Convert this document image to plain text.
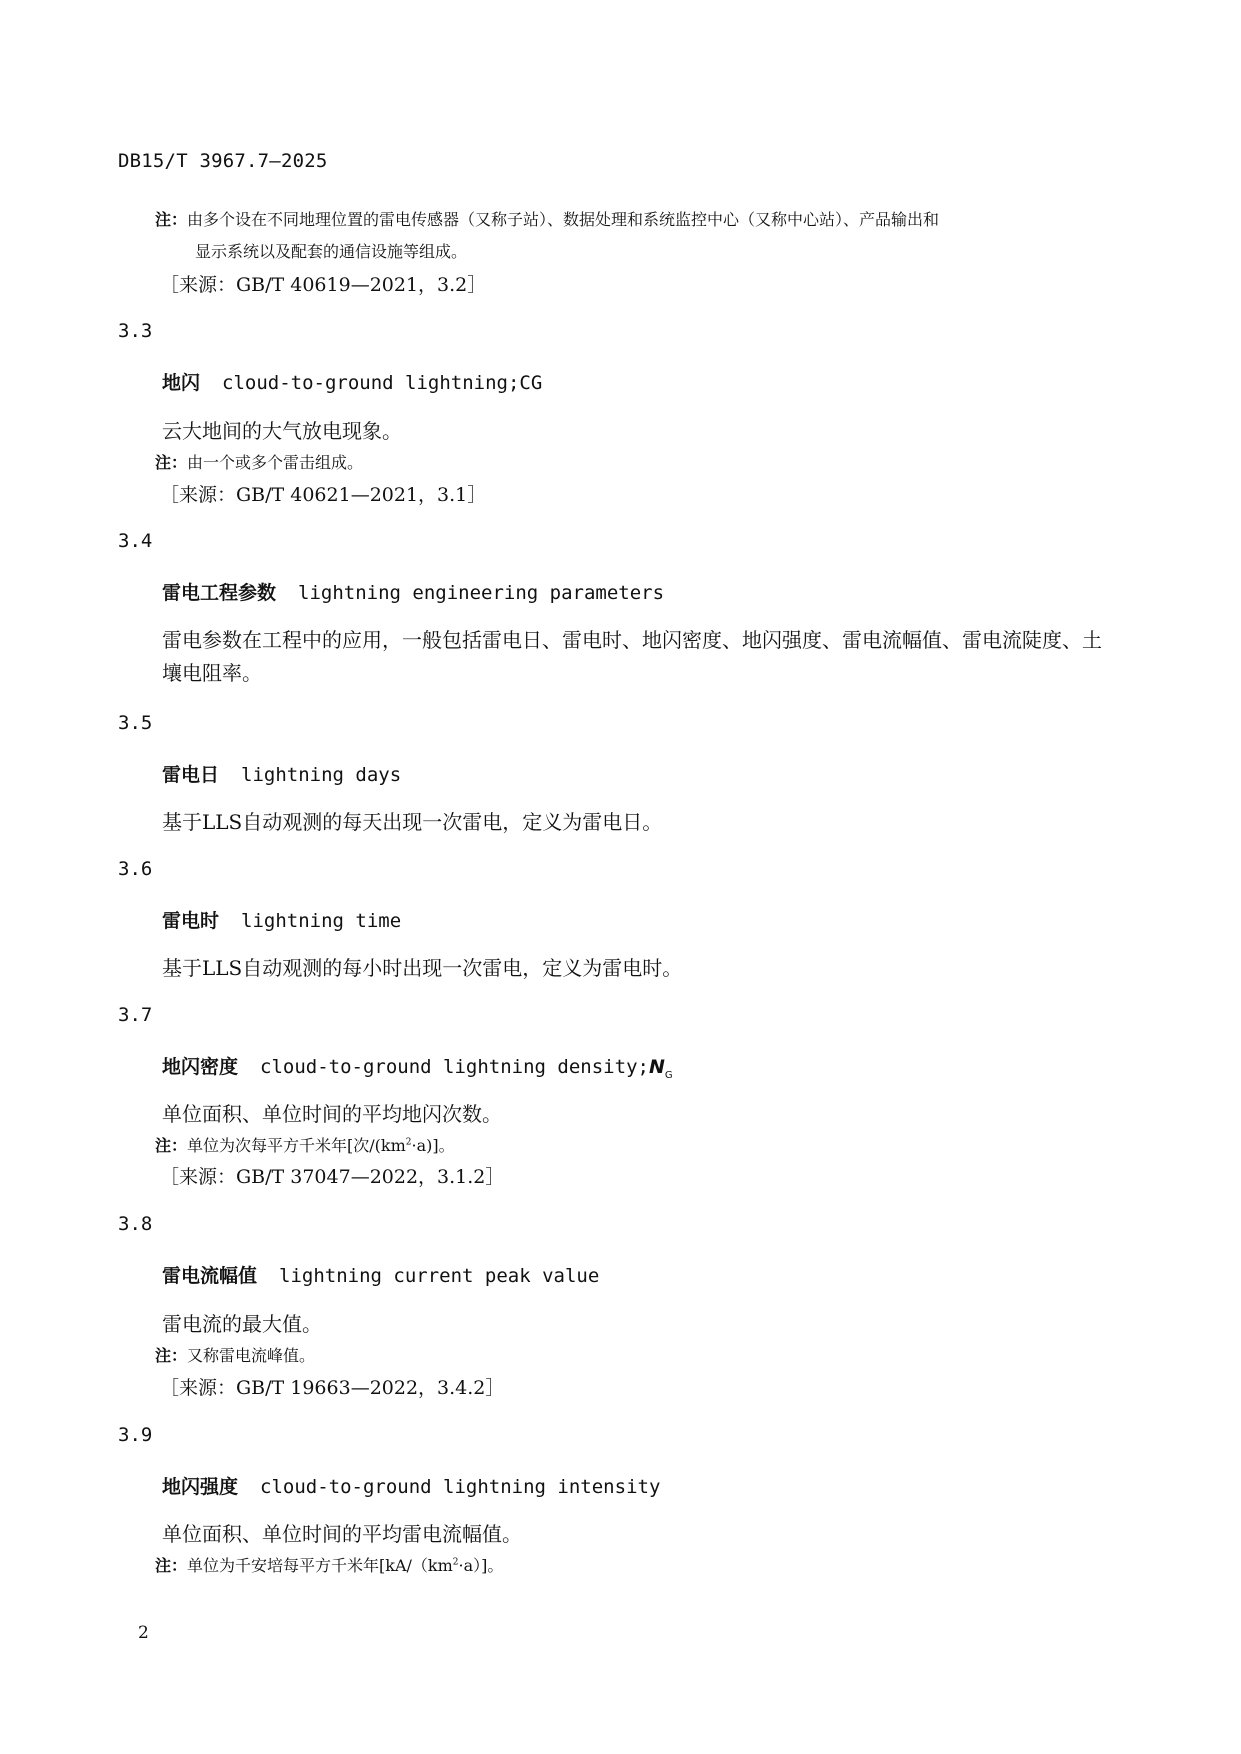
DB15/T 3967.7—2025
注：由多个设在不同地理位置的雷电传感器（又称子站）、数据处理和系统监控中心（又称中心站）、产品输出和
显示系统以及配套的通信设施等组成。
［来源：GB/T 40619—2021，3.2］
3.3
地闪 cloud-to-ground lightning;CG
云大地间的大气放电现象。
注：由一个或多个雷击组成。
［来源：GB/T 40621—2021，3.1］
3.4
雷电工程参数 lightning engineering parameters
雷电参数在工程中的应用，一般包括雷电日、雷电时、地闪密度、地闪强度、雷电流幅值、雷电流陡度、土壤电阻率。
3.5
雷电日 lightning days
基于LLS自动观测的每天出现一次雷电，定义为雷电日。
3.6
雷电时 lightning time
基于LLS自动观测的每小时出现一次雷电，定义为雷电时。
3.7
地闪密度 cloud-to-ground lightning $density;N_G$
单位面积、单位时间的平均地闪次数。
注：单位为次每平方千米年[次$/(km^2\cdot a)$]。
［来源：GB/T 37047—2022，3.1.2］
3.8
雷电流幅值 lightning current peak value
雷电流的最大值。
注：又称雷电流峰值。
［来源：GB/T 19663—2022，3.4.2］
3.9
地闪强度 cloud-to-ground lightning intensity
单位面积、单位时间的平均雷电流幅值。
注：单位为千安培每平方千米年$[kA/(km^2\cdot a)]$。
2
